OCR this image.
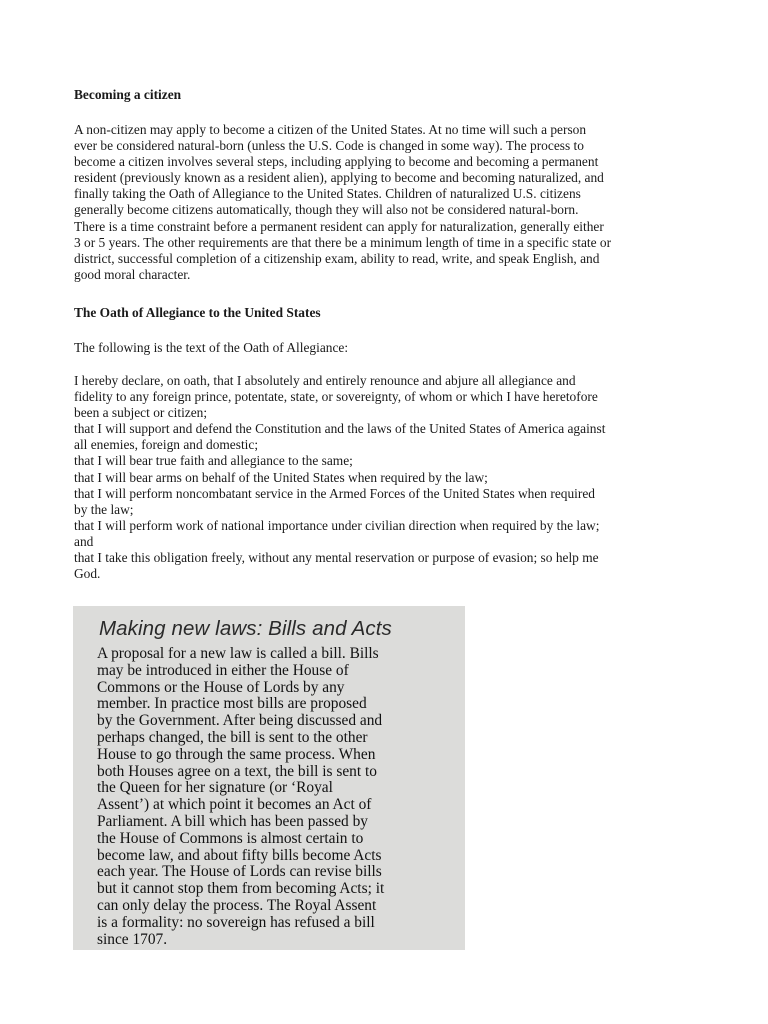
Becoming a citizen
A non-citizen may apply to become a citizen of the United States. At no time will such a person
ever be considered natural-born (unless the U.S. Code is changed in some way). The process to
become a citizen involves several steps, including applying to become and becoming a permanent
resident (previously known as a resident alien), applying to become and becoming naturalized, and
finally taking the Oath of Allegiance to the United States. Children of naturalized U.S. citizens
generally become citizens automatically, though they will also not be considered natural-born.
There is a time constraint before a permanent resident can apply for naturalization, generally either
3 or 5 years. The other requirements are that there be a minimum length of time in a specific state or
district, successful completion of a citizenship exam, ability to read, write, and speak English, and
good moral character.
The Oath of Allegiance to the United States
The following is the text of the Oath of Allegiance:
I hereby declare, on oath, that I absolutely and entirely renounce and abjure all allegiance and
fidelity to any foreign prince, potentate, state, or sovereignty, of whom or which I have heretofore
been a subject or citizen;
that I will support and defend the Constitution and the laws of the United States of America against
all enemies, foreign and domestic;
that I will bear true faith and allegiance to the same;
that I will bear arms on behalf of the United States when required by the law;
that I will perform noncombatant service in the Armed Forces of the United States when required
by the law;
that I will perform work of national importance under civilian direction when required by the law;
and
that I take this obligation freely, without any mental reservation or purpose of evasion; so help me
God.
Making new laws: Bills and Acts
A proposal for a new law is called a bill. Bills
may be introduced in either the House of
Commons or the House of Lords by any
member. In practice most bills are proposed
by the Government. After being discussed and
perhaps changed, the bill is sent to the other
House to go through the same process. When
both Houses agree on a text, the bill is sent to
the Queen for her signature (or ‘Royal
Assent’) at which point it becomes an Act of
Parliament. A bill which has been passed by
the House of Commons is almost certain to
become law, and about fifty bills become Acts
each year. The House of Lords can revise bills
but it cannot stop them from becoming Acts; it
can only delay the process. The Royal Assent
is a formality: no sovereign has refused a bill
since 1707.
